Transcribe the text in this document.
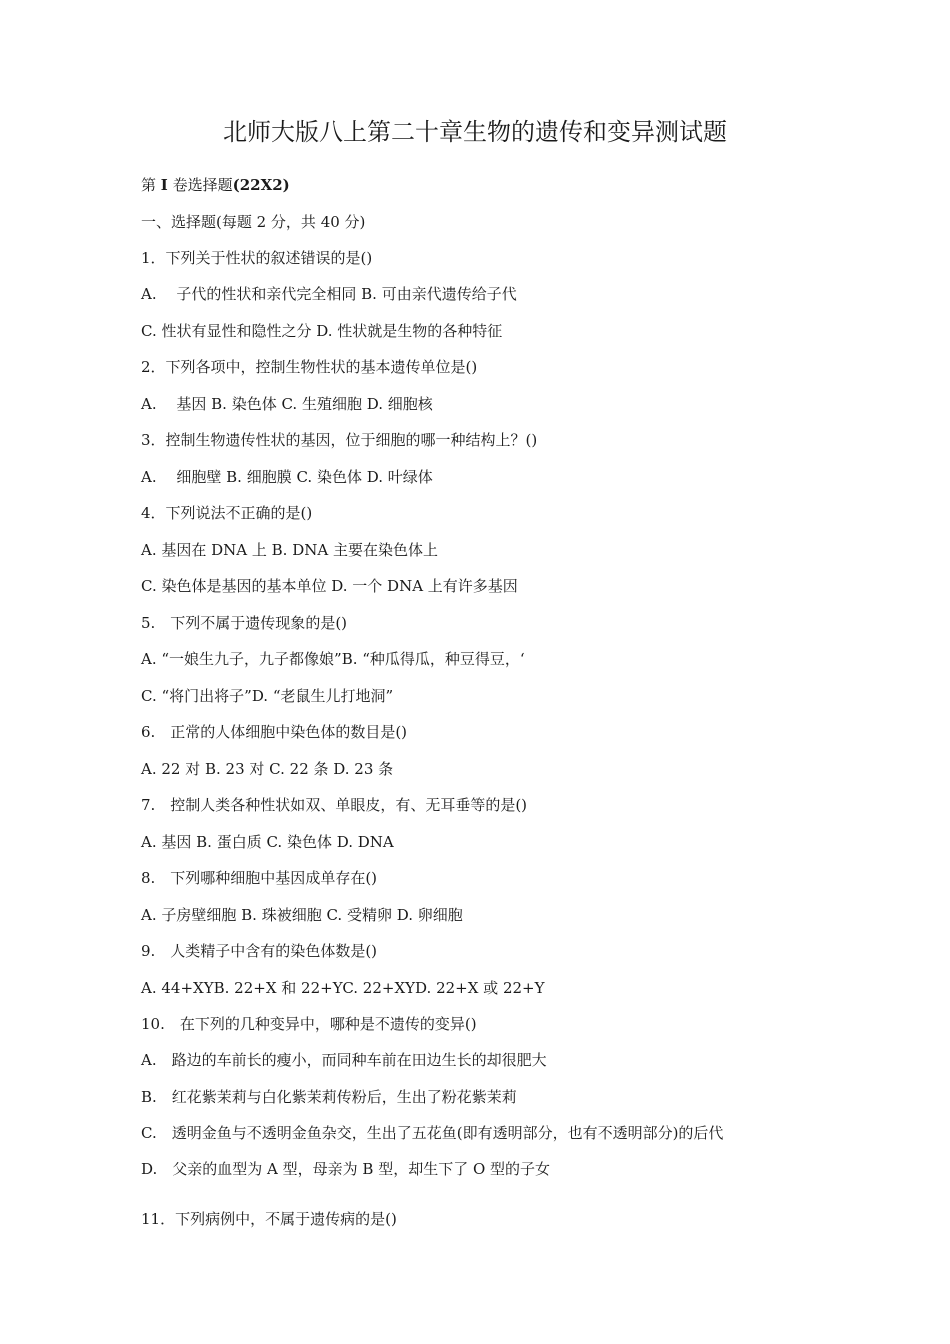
北师大版八上第二十章生物的遗传和变异测试题

第 I 卷选择题(22X2)

一、选择题(每题 2 分，共 40 分)

1．下列关于性状的叙述错误的是()

A.　 子代的性状和亲代完全相同 B. 可由亲代遗传给子代

C. 性状有显性和隐性之分 D. 性状就是生物的各种特征

2．下列各项中，控制生物性状的基本遗传单位是()

A.　 基因 B. 染色体 C. 生殖细胞 D. 细胞核

3．控制生物遗传性状的基因，位于细胞的哪一种结构上？()

A.　 细胞壁 B. 细胞膜 C. 染色体 D. 叶绿体

4．下列说法不正确的是()

A. 基因在 DNA 上 B. DNA 主要在染色体上

C. 染色体是基因的基本单位 D. 一个 DNA 上有许多基因

5.　下列不属于遗传现象的是()

A. “一娘生九子，九子都像娘”B. “种瓜得瓜，种豆得豆，‘

C. “将门出将子”D. “老鼠生儿打地洞”

6.　正常的人体细胞中染色体的数目是()

A. 22 对 B. 23 对 C. 22 条 D. 23 条

7.　控制人类各种性状如双、单眼皮，有、无耳垂等的是()

A. 基因 B. 蛋白质 C. 染色体 D. DNA

8.　下列哪种细胞中基因成单存在()

A. 子房壁细胞 B. 珠被细胞 C. 受精卵 D. 卵细胞

9.　人类精子中含有的染色体数是()

A. 44+XYB. 22+X 和 22+YC. 22+XYD. 22+X 或 22+Y

10.　在下列的几种变异中，哪种是不遗传的变异()

A.　路边的车前长的瘦小，而同种车前在田边生长的却很肥大

B.　红花紫茉莉与白化紫茉莉传粉后，生出了粉花紫茉莉

C.　透明金鱼与不透明金鱼杂交，生出了五花鱼(即有透明部分，也有不透明部分)的后代

D.　父亲的血型为 A 型，母亲为 B 型，却生下了 O 型的子女

11．下列病例中，不属于遗传病的是()
